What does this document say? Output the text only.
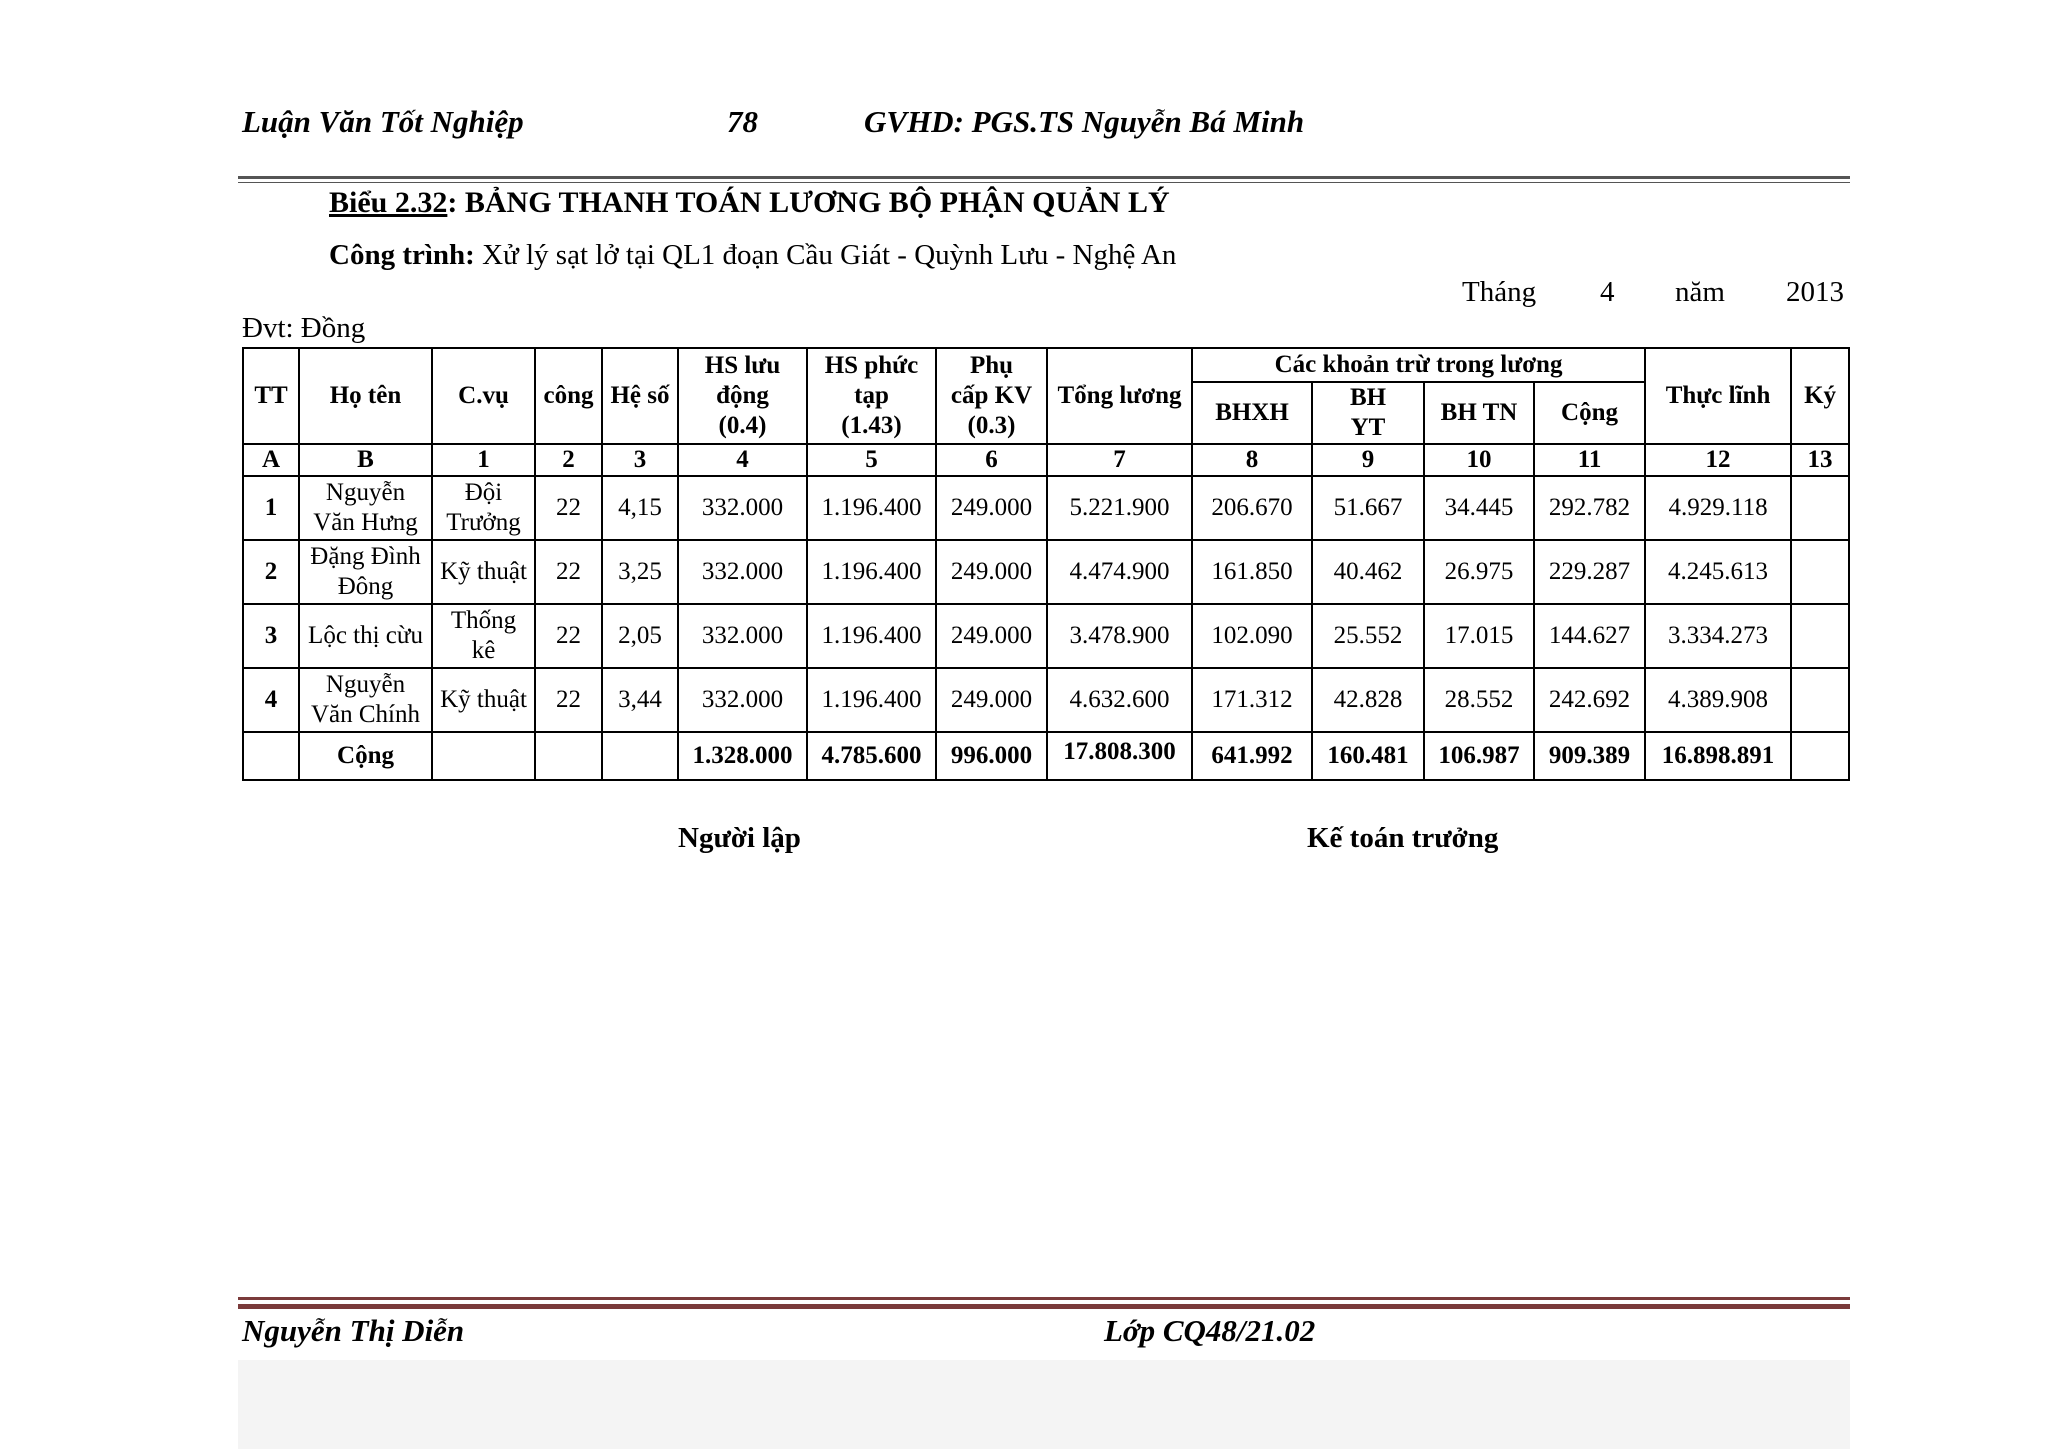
Luận Văn Tốt Nghiệp	78	GVHD: PGS.TS Nguyễn Bá Minh
Biểu 2.32: BẢNG THANH TOÁN LƯƠNG BỘ PHẬN QUẢN LÝ
Công trình: Xử lý sạt lở tại QL1 đoạn Cầu Giát - Quỳnh Lưu - Nghệ An
Tháng 4 năm 2013
Đvt: Đồng
TT	Họ tên	C.vụ	công	Hệ số	HS lưu
động
(0.4)	HS phức
tạp
(1.43)	Phụ
cấp KV
(0.3)	Tổng lương	Các khoản trừ trong lương				Thực lĩnh	Ký
									BHXH	BH
YT	BH TN	Cộng		
A	B	1	2	3	4	5	6	7	8	9	10	11	12	13
1	Nguyễn
Văn Hưng	Đội
Trưởng	22	4,15	332.000	1.196.400	249.000	5.221.900	206.670	51.667	34.445	292.782	4.929.118	
2	Đặng Đình
Đông	Kỹ thuật	22	3,25	332.000	1.196.400	249.000	4.474.900	161.850	40.462	26.975	229.287	4.245.613	
3	Lộc thị cừu	Thống
kê	22	2,05	332.000	1.196.400	249.000	3.478.900	102.090	25.552	17.015	144.627	3.334.273	
4	Nguyễn
Văn Chính	Kỹ thuật	22	3,44	332.000	1.196.400	249.000	4.632.600	171.312	42.828	28.552	242.692	4.389.908	
	Cộng				1.328.000	4.785.600	996.000	17.808.300	641.992	160.481	106.987	909.389	16.898.891	
Người lập	Kế toán trưởng
Nguyễn Thị Diễn	Lớp CQ48/21.02
